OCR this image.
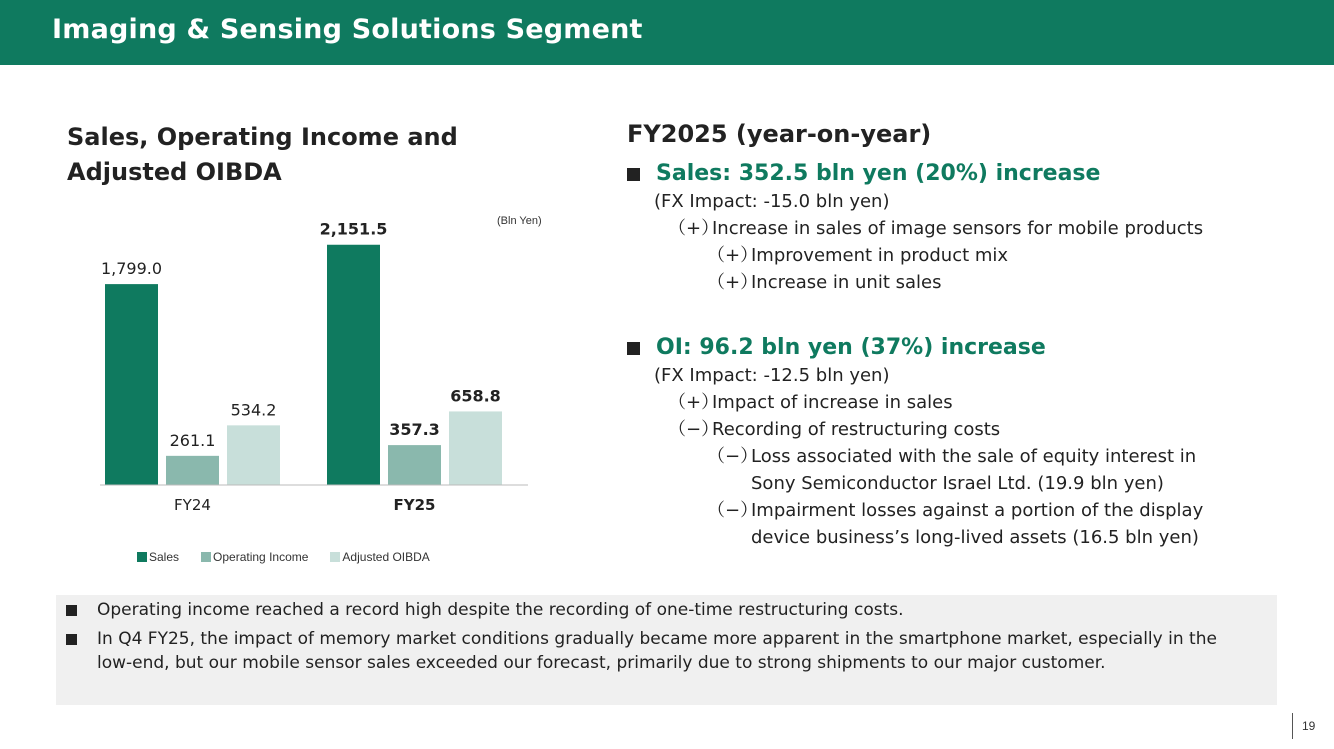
Imaging & Sensing Solutions Segment
Sales, Operating Income and Adjusted OIBDA
(Bln Yen)
1,799.0
261.1
534.2
FY24
2,151.5
357.3
658.8
FY25
Sales	Operating Income	Adjusted OIBDA
FY2025 (year-on-year)
Sales: 352.5 bln yen (20%) increase
(FX Impact: -15.0 bln yen)
（+）
Increase in sales of image sensors for mobile products
（+）
Improvement in product mix
（+）
Increase in unit sales
OI: 96.2 bln yen (37%) increase
(FX Impact: -12.5 bln yen)
（+）
Impact of increase in sales
（−）
Recording of restructuring costs
（−）
Loss associated with the sale of equity interest in Sony Semiconductor Israel Ltd. (19.9 bln yen)
（−）
Impairment losses against a portion of the display device business’s long-lived assets (16.5 bln yen)
Operating income reached a record high despite the recording of one-time restructuring costs.
In Q4 FY25, the impact of memory market conditions gradually became more apparent in the smartphone market, especially in the low-end, but our mobile sensor sales exceeded our forecast, primarily due to strong shipments to our major customer.
19
